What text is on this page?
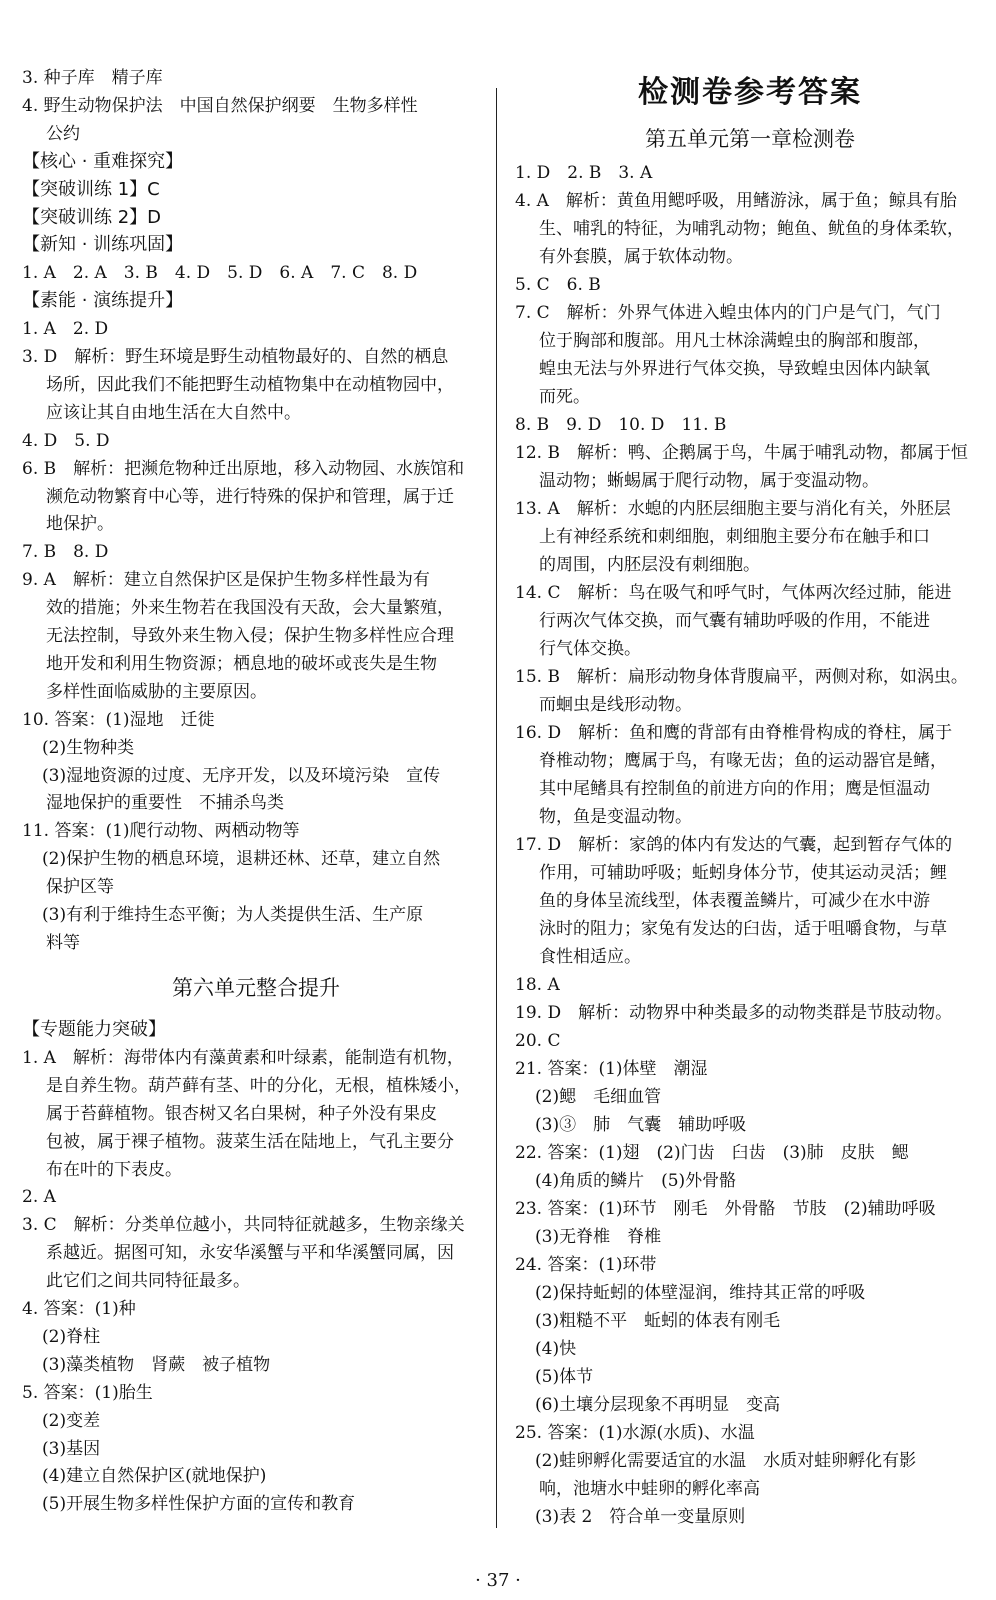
3. 种子库　精子库
4. 野生动物保护法　中国自然保护纲要　生物多样性
公约
【核心 · 重难探究】
【突破训练 1】C
【突破训练 2】D
【新知 · 训练巩固】
1. A　2. A　3. B　4. D　5. D　6. A　7. C　8. D
【素能 · 演练提升】
1. A　2. D
3. D　解析：野生环境是野生动植物最好的、自然的栖息
场所，因此我们不能把野生动植物集中在动植物园中，
应该让其自由地生活在大自然中。
4. D　5. D
6. B　解析：把濒危物种迁出原地，移入动物园、水族馆和
濒危动物繁育中心等，进行特殊的保护和管理，属于迁
地保护。
7. B　8. D
9. A　解析：建立自然保护区是保护生物多样性最为有
效的措施；外来生物若在我国没有天敌，会大量繁殖，
无法控制，导致外来生物入侵；保护生物多样性应合理
地开发和利用生物资源；栖息地的破坏或丧失是生物
多样性面临威胁的主要原因。
10. 答案：(1)湿地　迁徙
(2)生物种类
(3)湿地资源的过度、无序开发，以及环境污染　宣传
湿地保护的重要性　不捕杀鸟类
11. 答案：(1)爬行动物、两栖动物等
(2)保护生物的栖息环境，退耕还林、还草，建立自然
保护区等
(3)有利于维持生态平衡；为人类提供生活、生产原
料等
第六单元整合提升
【专题能力突破】
1. A　解析：海带体内有藻黄素和叶绿素，能制造有机物，
是自养生物。葫芦藓有茎、叶的分化，无根，植株矮小，
属于苔藓植物。银杏树又名白果树，种子外没有果皮
包被，属于裸子植物。菠菜生活在陆地上，气孔主要分
布在叶的下表皮。
2. A
3. C　解析：分类单位越小，共同特征就越多，生物亲缘关
系越近。据图可知，永安华溪蟹与平和华溪蟹同属，因
此它们之间共同特征最多。
4. 答案：(1)种
(2)脊柱
(3)藻类植物　肾蕨　被子植物
5. 答案：(1)胎生
(2)变差
(3)基因
(4)建立自然保护区(就地保护)
(5)开展生物多样性保护方面的宣传和教育
检测卷参考答案
第五单元第一章检测卷
1. D　2. B　3. A
4. A　解析：黄鱼用鳃呼吸，用鳍游泳，属于鱼；鲸具有胎
生、哺乳的特征，为哺乳动物；鲍鱼、鱿鱼的身体柔软，
有外套膜，属于软体动物。
5. C　6. B
7. C　解析：外界气体进入蝗虫体内的门户是气门，气门
位于胸部和腹部。用凡士林涂满蝗虫的胸部和腹部，
蝗虫无法与外界进行气体交换，导致蝗虫因体内缺氧
而死。
8. B　9. D　10. D　11. B
12. B　解析：鸭、企鹅属于鸟，牛属于哺乳动物，都属于恒
温动物；蜥蜴属于爬行动物，属于变温动物。
13. A　解析：水螅的内胚层细胞主要与消化有关，外胚层
上有神经系统和刺细胞，刺细胞主要分布在触手和口
的周围，内胚层没有刺细胞。
14. C　解析：鸟在吸气和呼气时，气体两次经过肺，能进
行两次气体交换，而气囊有辅助呼吸的作用，不能进
行气体交换。
15. B　解析：扁形动物身体背腹扁平，两侧对称，如涡虫。
而蛔虫是线形动物。
16. D　解析：鱼和鹰的背部有由脊椎骨构成的脊柱，属于
脊椎动物；鹰属于鸟，有喙无齿；鱼的运动器官是鳍，
其中尾鳍具有控制鱼的前进方向的作用；鹰是恒温动
物，鱼是变温动物。
17. D　解析：家鸽的体内有发达的气囊，起到暂存气体的
作用，可辅助呼吸；蚯蚓身体分节，使其运动灵活；鲤
鱼的身体呈流线型，体表覆盖鳞片，可减少在水中游
泳时的阻力；家兔有发达的臼齿，适于咀嚼食物，与草
食性相适应。
18. A
19. D　解析：动物界中种类最多的动物类群是节肢动物。
20. C
21. 答案：(1)体壁　潮湿
(2)鳃　毛细血管
(3)③　肺　气囊　辅助呼吸
22. 答案：(1)翅　(2)门齿　臼齿　(3)肺　皮肤　鳃
(4)角质的鳞片　(5)外骨骼
23. 答案：(1)环节　刚毛　外骨骼　节肢　(2)辅助呼吸
(3)无脊椎　脊椎
24. 答案：(1)环带
(2)保持蚯蚓的体壁湿润，维持其正常的呼吸
(3)粗糙不平　蚯蚓的体表有刚毛
(4)快
(5)体节
(6)土壤分层现象不再明显　变高
25. 答案：(1)水源(水质)、水温
(2)蛙卵孵化需要适宜的水温　水质对蛙卵孵化有影
响，池塘水中蛙卵的孵化率高
(3)表 2　符合单一变量原则
· 37 ·
